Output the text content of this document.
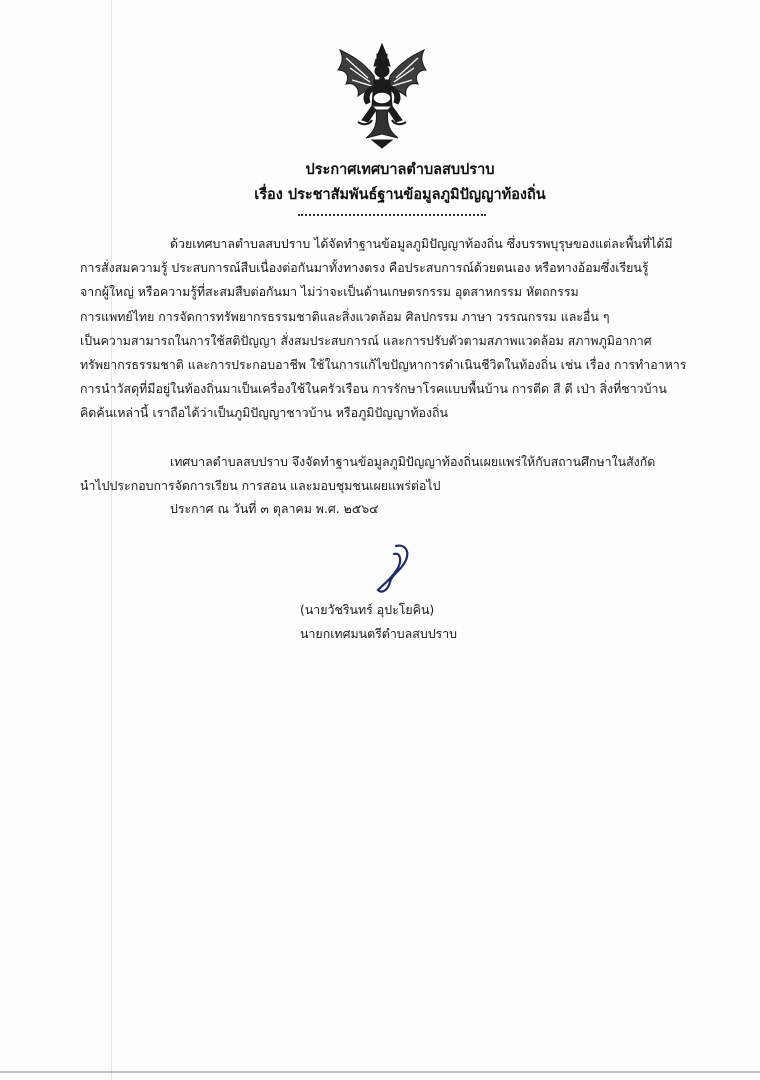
ประกาศเทศบาลตำบลสบปราบ
เรื่อง ประชาสัมพันธ์ฐานข้อมูลภูมิปัญญาท้องถิ่น
ด้วยเทศบาลตำบลสบปราบ ได้จัดทำฐานข้อมูลภูมิปัญญาท้องถิ่น ซึ่งบรรพบุรุษของแต่ละพื้นที่ได้มี
การสั่งสมความรู้ ประสบการณ์สืบเนื่องต่อกันมาทั้งทางตรง คือประสบการณ์ด้วยตนเอง หรือทางอ้อมซึ่งเรียนรู้
จากผู้ใหญ่ หรือความรู้ที่สะสมสืบต่อกันมา ไม่ว่าจะเป็นด้านเกษตรกรรม อุตสาหกรรม หัตถกรรม
การแพทย์ไทย การจัดการทรัพยากรธรรมชาติและสิ่งแวดล้อม ศิลปกรรม ภาษา วรรณกรรม และอื่น ๆ
เป็นความสามารถในการใช้สติปัญญา สั่งสมประสบการณ์ และการปรับตัวตามสภาพแวดล้อม สภาพภูมิอากาศ
ทรัพยากรธรรมชาติ และการประกอบอาชีพ ใช้ในการแก้ไขปัญหาการดำเนินชีวิตในท้องถิ่น เช่น เรื่อง การทำอาหาร
การนำวัสดุที่มีอยู่ในท้องถิ่นมาเป็นเครื่องใช้ในครัวเรือน การรักษาโรคแบบพื้นบ้าน การตีด สี ตี เป่า สิ่งที่ชาวบ้าน
คิดค้นเหล่านี้ เราถือได้ว่าเป็นภูมิปัญญาชาวบ้าน หรือภูมิปัญญาท้องถิ่น
เทศบาลตำบลสบปราบ จึงจัดทำฐานข้อมูลภูมิปัญญาท้องถิ่นเผยแพร่ให้กับสถานศึกษาในสังกัด
นำไปประกอบการจัดการเรียน การสอน และมอบชุมชนเผยแพร่ต่อไป
ประกาศ ณ วันที่ ๓ ตุลาคม พ.ศ. ๒๕๖๔
(นายวัชรินทร์ อุปะโยคิน)
นายกเทศมนตรีตำบลสบปราบ
